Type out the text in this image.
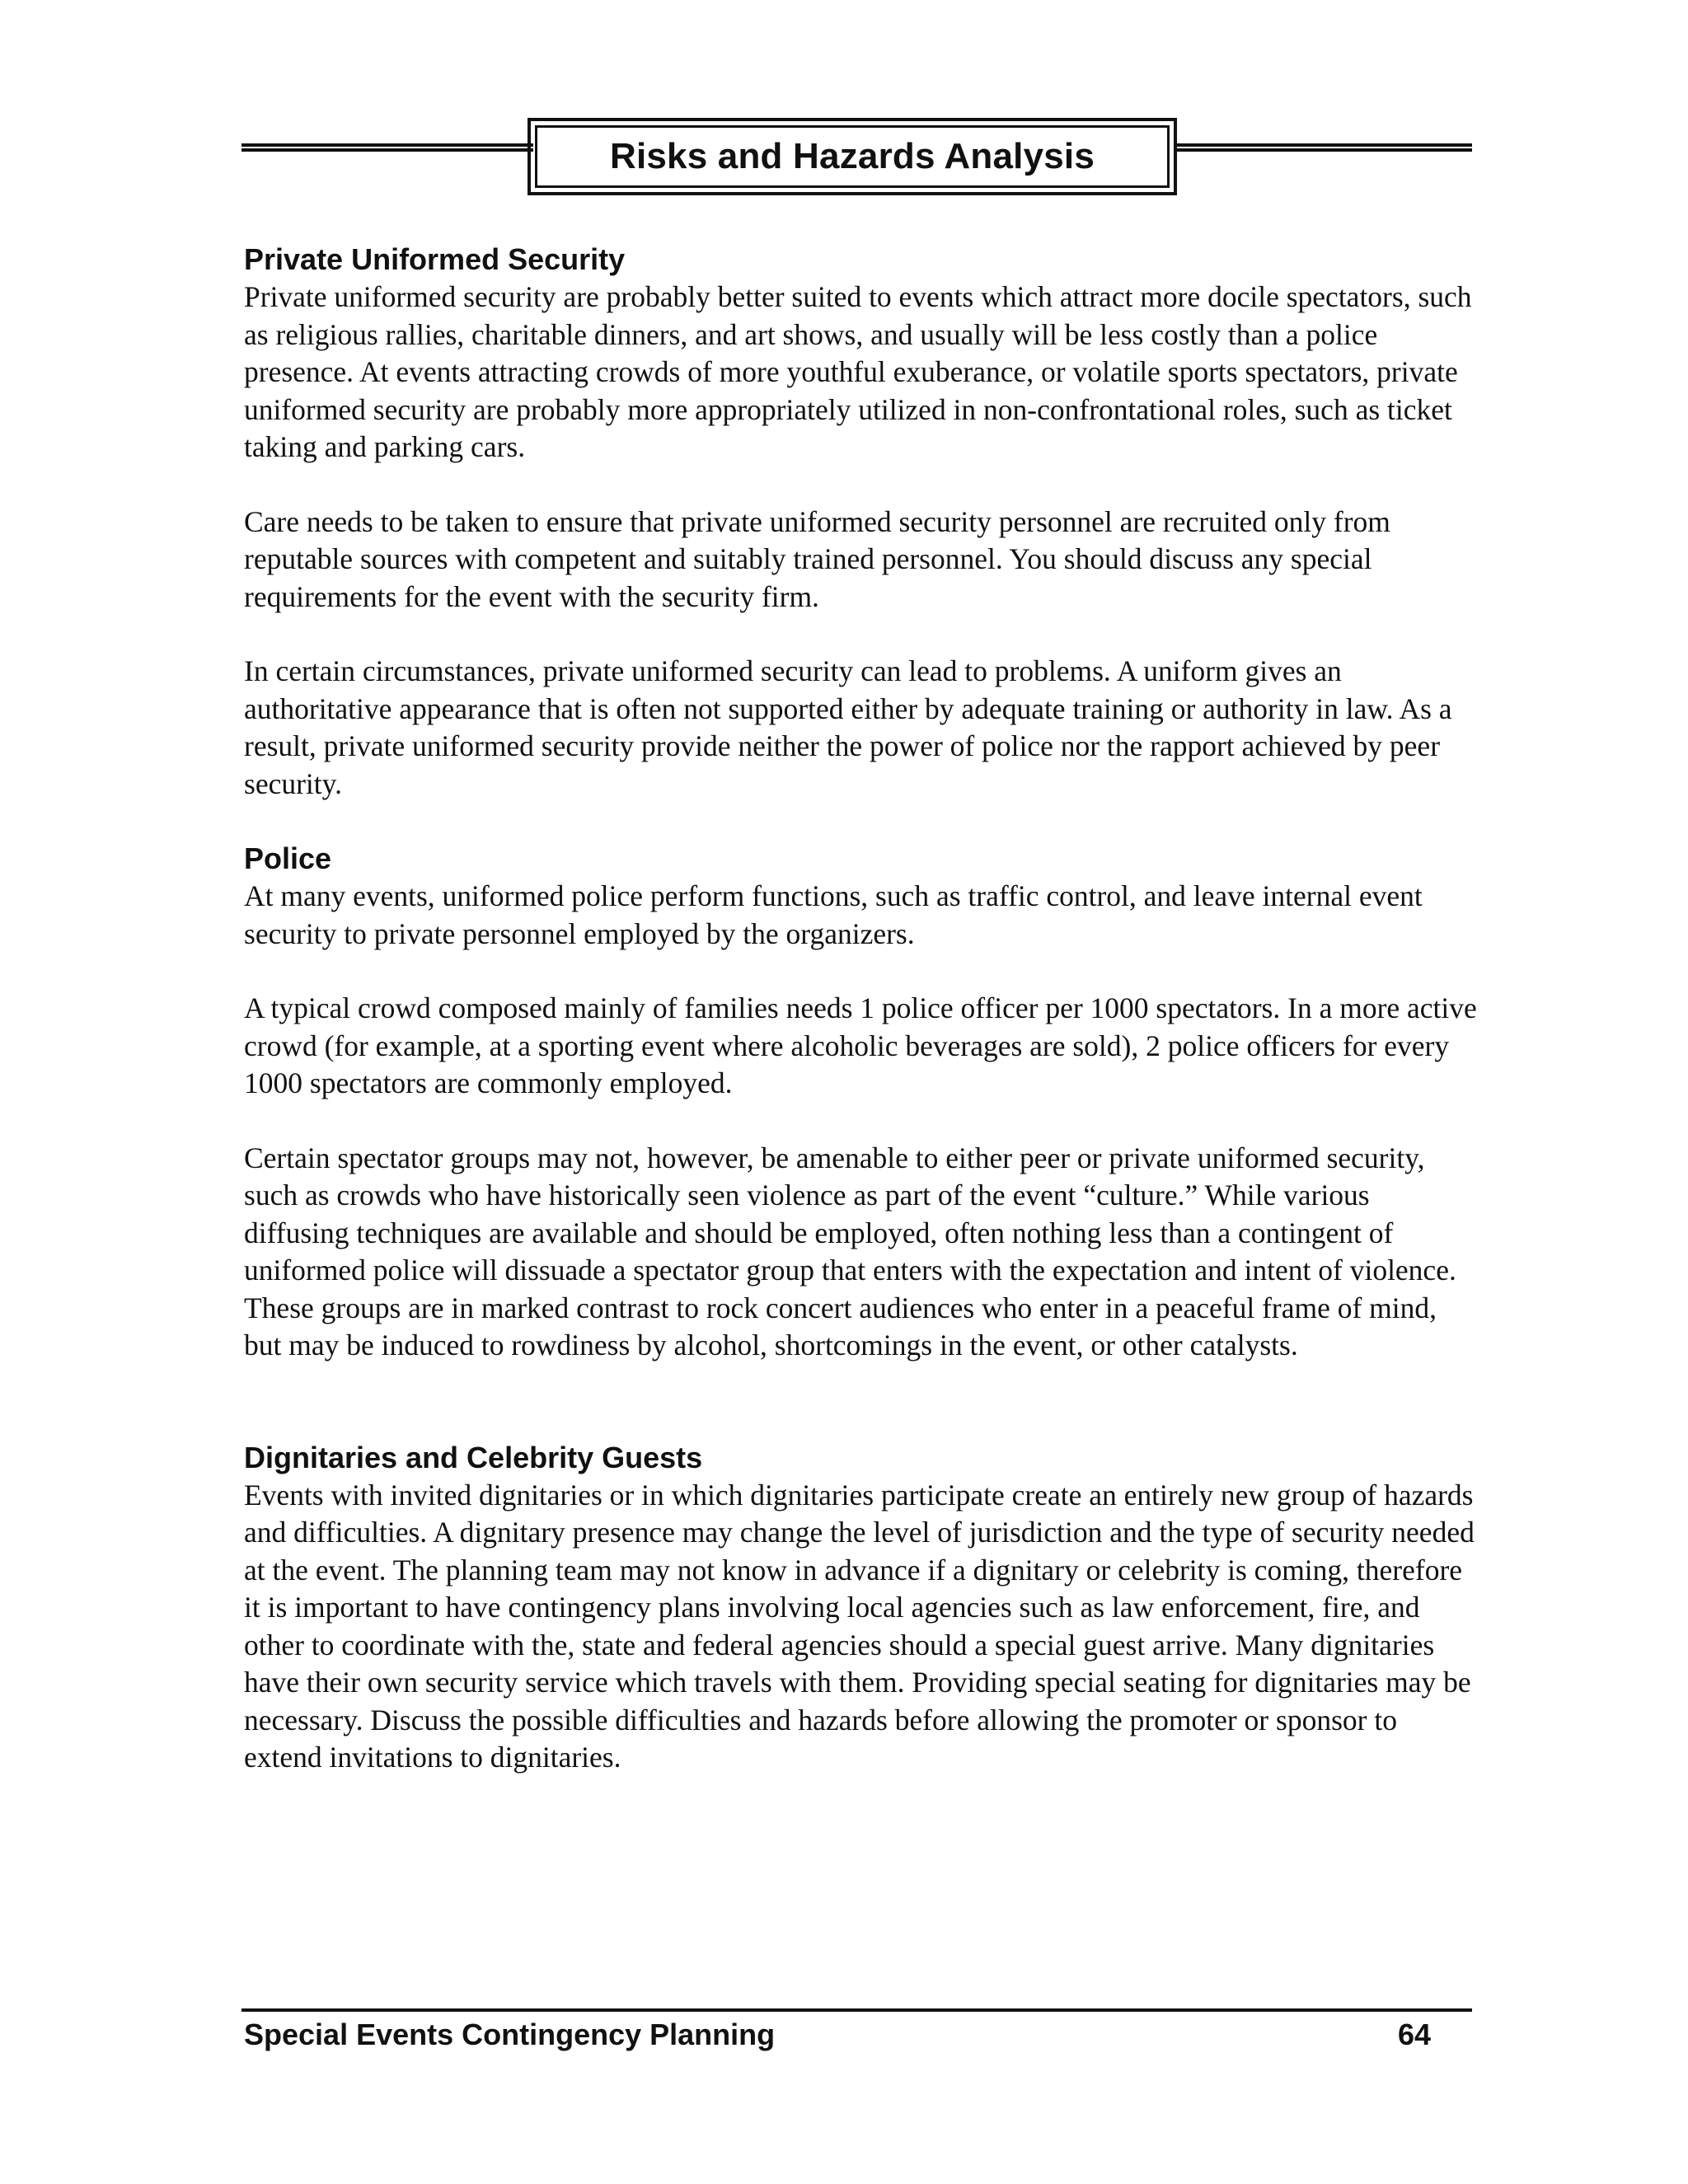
Risks and Hazards Analysis
Private Uniformed Security

Private uniformed security are probably better suited to events which attract more docile spectators, such as religious rallies, charitable dinners, and art shows, and usually will be less costly than a police presence. At events attracting crowds of more youthful exuberance, or volatile sports spectators, private uniformed security are probably more appropriately utilized in non-confrontational roles, such as ticket taking and parking cars.

Care needs to be taken to ensure that private uniformed security personnel are recruited only from reputable sources with competent and suitably trained personnel. You should discuss any special requirements for the event with the security firm.

In certain circumstances, private uniformed security can lead to problems. A uniform gives an authoritative appearance that is often not supported either by adequate training or authority in law. As a result, private uniformed security provide neither the power of police nor the rapport achieved by peer security.

Police

At many events, uniformed police perform functions, such as traffic control, and leave internal event security to private personnel employed by the organizers.

A typical crowd composed mainly of families needs 1 police officer per 1000 spectators. In a more active crowd (for example, at a sporting event where alcoholic beverages are sold), 2 police officers for every 1000 spectators are commonly employed.

Certain spectator groups may not, however, be amenable to either peer or private uniformed security, such as crowds who have historically seen violence as part of the event “culture.” While various diffusing techniques are available and should be employed, often nothing less than a contingent of uniformed police will dissuade a spectator group that enters with the expectation and intent of violence. These groups are in marked contrast to rock concert audiences who enter in a peaceful frame of mind, but may be induced to rowdiness by alcohol, shortcomings in the event, or other catalysts.

Dignitaries and Celebrity Guests

Events with invited dignitaries or in which dignitaries participate create an entirely new group of hazards and difficulties. A dignitary presence may change the level of jurisdiction and the type of security needed at the event. The planning team may not know in advance if a dignitary or celebrity is coming, therefore it is important to have contingency plans involving local agencies such as law enforcement, fire, and other to coordinate with the, state and federal agencies should a special guest arrive. Many dignitaries have their own security service which travels with them. Providing special seating for dignitaries may be necessary. Discuss the possible difficulties and hazards before allowing the promoter or sponsor to extend invitations to dignitaries.

Special Events Contingency Planning	64
